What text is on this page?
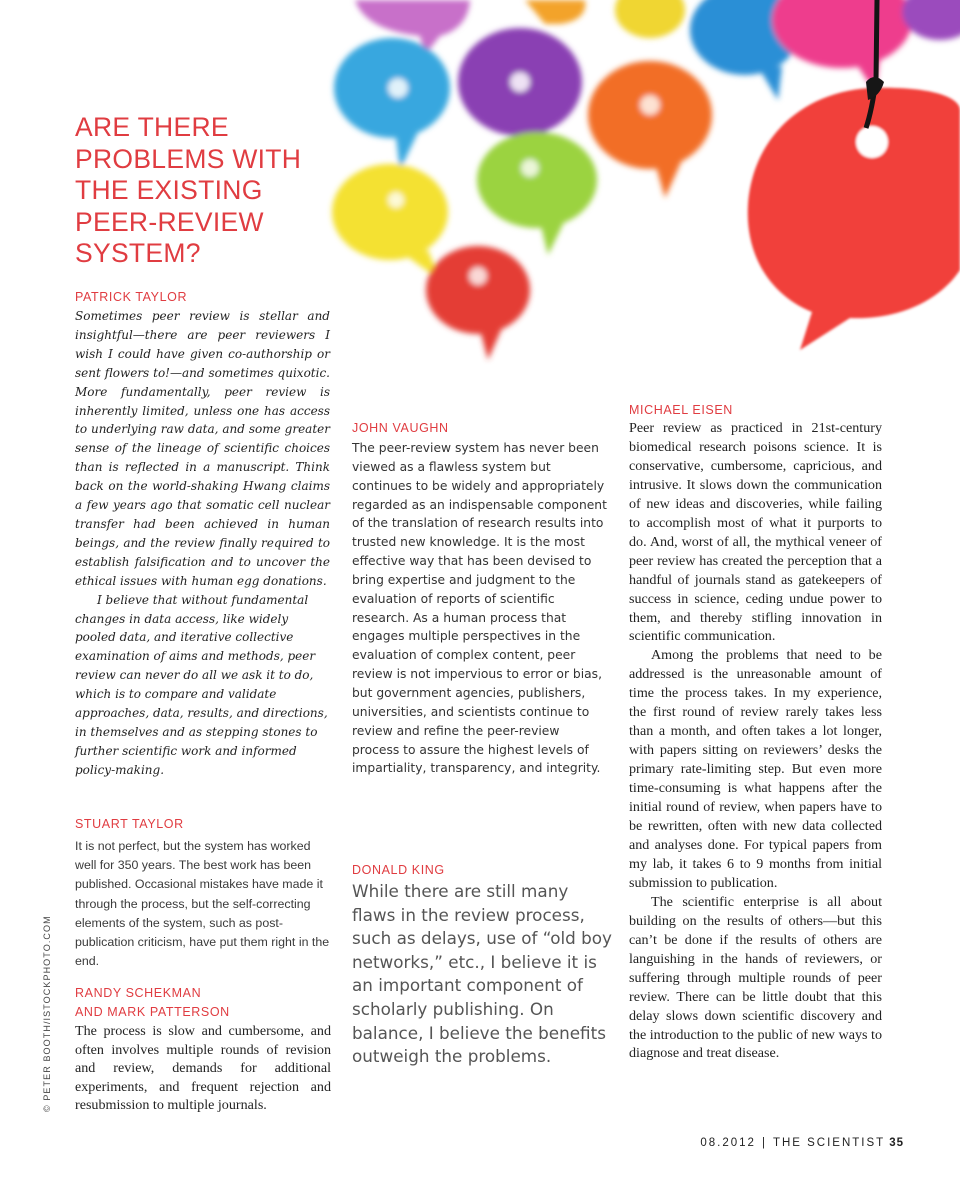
ARE THERE PROBLEMS WITH THE EXISTING PEER-REVIEW SYSTEM?
PATRICK TAYLOR

Sometimes peer review is stellar and insightful—there are peer reviewers I wish I could have given co-authorship or sent flowers to!—and sometimes quixotic. More fundamentally, peer review is inherently limited, unless one has access to underlying raw data, and some greater sense of the lineage of scientific choices than is reflected in a manuscript. Think back on the world-shaking Hwang claims a few years ago that somatic cell nuclear transfer had been achieved in human beings, and the review finally required to establish falsification and to uncover the ethical issues with human egg donations.

I believe that without fundamental changes in data access, like widely pooled data, and iterative collective examination of aims and methods, peer review can never do all we ask it to do, which is to compare and validate approaches, data, results, and directions, in themselves and as stepping stones to further scientific work and informed policy-making.

STUART TAYLOR

It is not perfect, but the system has worked well for 350 years. The best work has been published. Occasional mistakes have made it through the process, but the self-correcting elements of the system, such as post-publication criticism, have put them right in the end.

RANDY SCHEKMAN
AND MARK PATTERSON

The process is slow and cumbersome, and often involves multiple rounds of revision and review, demands for additional experiments, and frequent rejection and resubmission to multiple journals.

JOHN VAUGHN

The peer-review system has never been viewed as a flawless system but continues to be widely and appropriately regarded as an indispensable component of the translation of research results into trusted new knowledge. It is the most effective way that has been devised to bring expertise and judgment to the evaluation of reports of scientific research. As a human process that engages multiple perspectives in the evaluation of complex content, peer review is not impervious to error or bias, but government agencies, publishers, universities, and scientists continue to review and refine the peer-review process to assure the highest levels of impartiality, transparency, and integrity.

DONALD KING

While there are still many flaws in the review process, such as delays, use of “old boy networks,” etc., I believe it is an important component of scholarly publishing. On balance, I believe the benefits outweigh the problems.

MICHAEL EISEN

Peer review as practiced in 21st-century biomedical research poisons science. It is conservative, cumbersome, capricious, and intrusive. It slows down the communication of new ideas and discoveries, while failing to accomplish most of what it purports to do. And, worst of all, the mythical veneer of peer review has created the perception that a handful of journals stand as gatekeepers of success in science, ceding undue power to them, and thereby stifling innovation in scientific communication.

Among the problems that need to be addressed is the unreasonable amount of time the process takes. In my experience, the first round of review rarely takes less than a month, and often takes a lot longer, with papers sitting on reviewers’ desks the primary rate-limiting step. But even more time-consuming is what happens after the initial round of review, when papers have to be rewritten, often with new data collected and analyses done. For typical papers from my lab, it takes 6 to 9 months from initial submission to publication.

The scientific enterprise is all about building on the results of others—but this can’t be done if the results of others are languishing in the hands of reviewers, or suffering through multiple rounds of peer review. There can be little doubt that this delay slows down scientific discovery and the introduction to the public of new ways to diagnose and treat disease.

© PETER BOOTH/ISTOCKPHOTO.COM
08.2012 | THE SCIENTIST 35
